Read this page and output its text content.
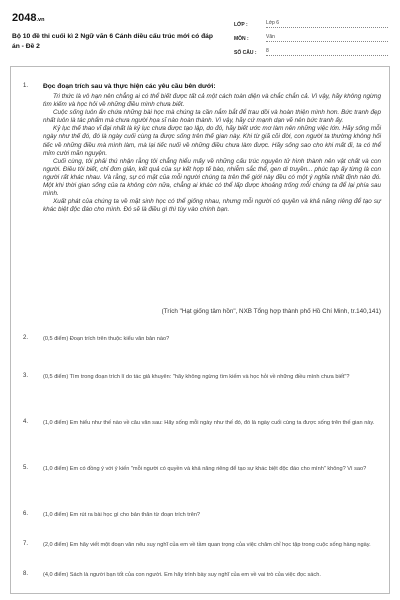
2048.vn
Bộ 10 đề thi cuối kì 2 Ngữ văn 6 Cánh diều cấu trúc mới có đáp án - Đề 2
LỚP :	Lớp 6
MÔN :	Văn
SỐ CÂU :	8
1. Đọc đoạn trích sau và thực hiện các yêu cầu bên dưới:

Tri thức là vô hạn nên chẳng ai có thể biết được tất cả một cách toàn diện và chắc chắn cả. Vì vậy, hãy không ngừng tìm kiếm và học hỏi về những điều mình chưa biết.

Cuộc sống luôn ẩn chứa những bài học mà chúng ta cần nắm bắt để trau dồi và hoàn thiện mình hơn. Bức tranh đẹp nhất luôn là tác phẩm mà chưa người họa sĩ nào hoàn thành. Vì vậy, hãy cứ mạnh dạn vẽ nên bức tranh ấy.

Kỷ lục thế thao vĩ đại nhất là kỷ lục chưa được tạo lập, do đó, hãy biết ước mơ làm nên những việc lớn. Hãy sống mỗi ngày như thế đó, đó là ngày cuối cùng ta được sống trên thế gian này. Khi từ giã cõi đời, con người ta thường không hối tiếc về những điều mà mình làm, mà lại tiếc nuối về những điều chưa làm được. Hãy sống sao cho khi mất đi, ta có thể mỉm cười mãn nguyện.

Cuối cùng, tôi phải thú nhận rằng tôi chẳng hiểu mấy về những cấu trúc nguyên tử hình thành nên vật chất và con người. Điều tôi biết, chỉ đơn giản, kết quả của sự kết hợp tế bào, nhiễm sắc thể, gen di truyền... phúc tạp ấy từng là con người rất khác nhau. Và rằng, sự có mặt của mỗi người chúng ta trên thế giới này đều có một ý nghĩa nhất định nào đó. Một khi thời gian sống của ta không còn nữa, chẳng ai khác có thể lấp được khoảng trống mỗi chúng ta để lại phía sau mình.

Xuất phát của chúng ta về mặt sinh học có thể giống nhau, nhưng mỗi người có quyền và khả năng riêng để tạo sự khác biệt độc đáo cho mình. Đó sẽ là điều gì thì tùy vào chính bạn.

(Trích "Hạt giống tâm hồn", NXB Tổng hợp thành phố Hồ Chí Minh, tr.140,141)
2.	(0,5 điểm) Đoạn trích trên thuộc kiểu văn bản nào?
3.	(0,5 điểm) Tìm trong đoạn trích lí do tác giả khuyên: "hãy không ngừng tìm kiếm và học hỏi về những điều mình chưa biết"?
4.	(1,0 điểm) Em hiểu như thế nào về câu văn sau: Hãy sống mỗi ngày như thế đó, đó là ngày cuối cùng ta được sống trên thế gian này.
5.	(1,0 điểm) Em có đồng ý với ý kiến "mỗi người có quyền và khả năng riêng để tạo sự khác biệt độc đáo cho mình" không? Vì sao?
6.	(1,0 điểm) Em rút ra bài học gì cho bản thân từ đoạn trích trên?
7.	(2,0 điểm) Em hãy viết một đoạn văn nêu suy nghĩ của em về tầm quan trọng của việc chăm chỉ học tập trong cuộc sống hàng ngày.
8.	(4,0 điểm) Sách là người bạn tốt của con người. Em hãy trình bày suy nghĩ của em về vai trò của việc đọc sách.
